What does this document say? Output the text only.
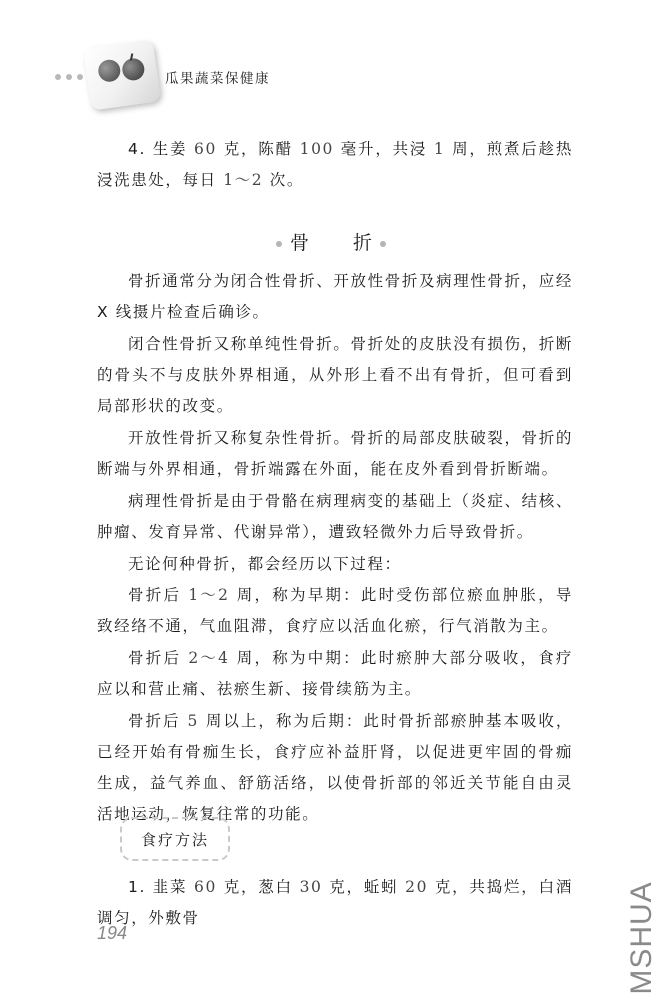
瓜果蔬菜保健康
4. 生姜 60 克，陈醋 100 毫升，共浸 1 周，煎煮后趁热浸洗患处，每日 1～2 次。
骨 折
骨折通常分为闭合性骨折、开放性骨折及病理性骨折，应经 X 线摄片检查后确诊。
闭合性骨折又称单纯性骨折。骨折处的皮肤没有损伤，折断的骨头不与皮肤外界相通，从外形上看不出有骨折，但可看到局部形状的改变。
开放性骨折又称复杂性骨折。骨折的局部皮肤破裂，骨折的断端与外界相通，骨折端露在外面，能在皮外看到骨折断端。
病理性骨折是由于骨骼在病理病变的基础上（炎症、结核、肿瘤、发育异常、代谢异常），遭致轻微外力后导致骨折。
无论何种骨折，都会经历以下过程：
骨折后 1～2 周，称为早期：此时受伤部位瘀血肿胀，导致经络不通，气血阻滞，食疗应以活血化瘀，行气消散为主。
骨折后 2～4 周，称为中期：此时瘀肿大部分吸收，食疗应以和营止痛、祛瘀生新、接骨续筋为主。
骨折后 5 周以上，称为后期：此时骨折部瘀肿基本吸收，已经开始有骨痂生长，食疗应补益肝肾，以促进更牢固的骨痂生成，益气养血、舒筋活络，以使骨折部的邻近关节能自由灵活地运动，恢复往常的功能。
食疗方法
1. 韭菜 60 克，葱白 30 克，蚯蚓 20 克，共捣烂，白酒调匀，外敷骨
194	MSHUA
